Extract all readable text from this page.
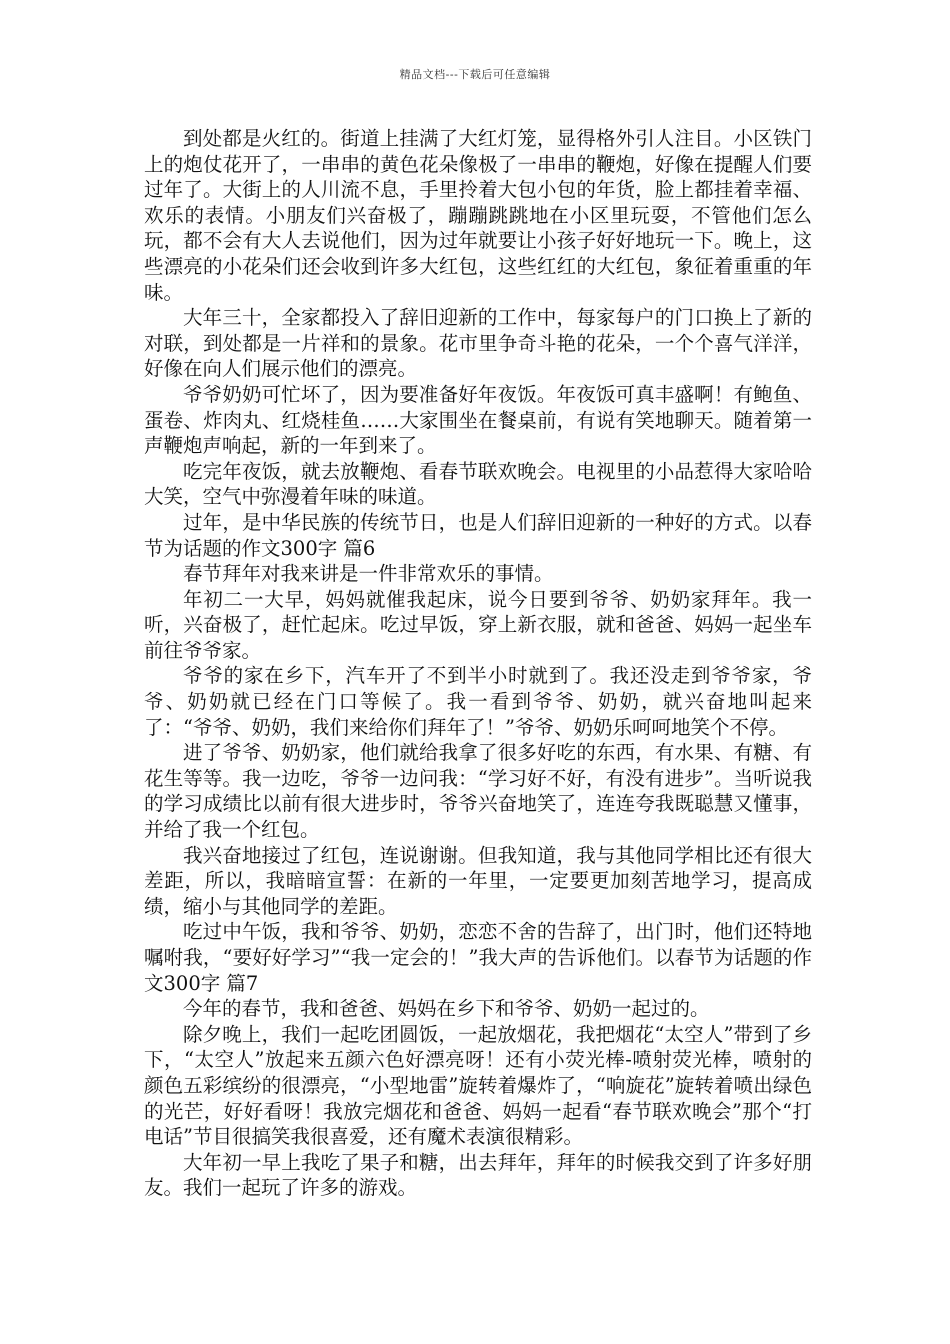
精品文档---下载后可任意编辑

到处都是火红的。街道上挂满了大红灯笼，显得格外引人注目。小区铁门上的炮仗花开了，一串串的黄色花朵像极了一串串的鞭炮，好像在提醒人们要过年了。大街上的人川流不息，手里拎着大包小包的年货，脸上都挂着幸福、欢乐的表情。小朋友们兴奋极了，蹦蹦跳跳地在小区里玩耍，不管他们怎么玩，都不会有大人去说他们，因为过年就要让小孩子好好地玩一下。晚上，这些漂亮的小花朵们还会收到许多大红包，这些红红的大红包，象征着重重的年味。

大年三十，全家都投入了辞旧迎新的工作中，每家每户的门口换上了新的对联，到处都是一片祥和的景象。花市里争奇斗艳的花朵，一个个喜气洋洋，好像在向人们展示他们的漂亮。

爷爷奶奶可忙坏了，因为要准备好年夜饭。年夜饭可真丰盛啊！有鲍鱼、蛋卷、炸肉丸、红烧桂鱼……大家围坐在餐桌前，有说有笑地聊天。随着第一声鞭炮声响起，新的一年到来了。

吃完年夜饭，就去放鞭炮、看春节联欢晚会。电视里的小品惹得大家哈哈大笑，空气中弥漫着年味的味道。

过年，是中华民族的传统节日，也是人们辞旧迎新的一种好的方式。以春节为话题的作文300字 篇6

春节拜年对我来讲是一件非常欢乐的事情。

年初二一大早，妈妈就催我起床，说今日要到爷爷、奶奶家拜年。我一听，兴奋极了，赶忙起床。吃过早饭，穿上新衣服，就和爸爸、妈妈一起坐车前往爷爷家。

爷爷的家在乡下，汽车开了不到半小时就到了。我还没走到爷爷家，爷爷、奶奶就已经在门口等候了。我一看到爷爷、奶奶，就兴奋地叫起来了：“爷爷、奶奶，我们来给你们拜年了！”爷爷、奶奶乐呵呵地笑个不停。

进了爷爷、奶奶家，他们就给我拿了很多好吃的东西，有水果、有糖、有花生等等。我一边吃，爷爷一边问我：“学习好不好，有没有进步”。当听说我的学习成绩比以前有很大进步时，爷爷兴奋地笑了，连连夸我既聪慧又懂事，并给了我一个红包。

我兴奋地接过了红包，连说谢谢。但我知道，我与其他同学相比还有很大差距，所以，我暗暗宣誓：在新的一年里，一定要更加刻苦地学习，提高成绩，缩小与其他同学的差距。

吃过中午饭，我和爷爷、奶奶，恋恋不舍的告辞了，出门时，他们还特地嘱咐我，“要好好学习”“我一定会的！”我大声的告诉他们。以春节为话题的作文300字 篇7

今年的春节，我和爸爸、妈妈在乡下和爷爷、奶奶一起过的。

除夕晚上，我们一起吃团圆饭，一起放烟花，我把烟花“太空人”带到了乡下，“太空人”放起来五颜六色好漂亮呀！还有小荧光棒-喷射荧光棒，喷射的颜色五彩缤纷的很漂亮，“小型地雷”旋转着爆炸了，“响旋花”旋转着喷出绿色的光芒，好好看呀！我放完烟花和爸爸、妈妈一起看“春节联欢晚会”那个“打电话”节目很搞笑我很喜爱，还有魔术表演很精彩。

大年初一早上我吃了果子和糖，出去拜年，拜年的时候我交到了许多好朋友。我们一起玩了许多的游戏。
